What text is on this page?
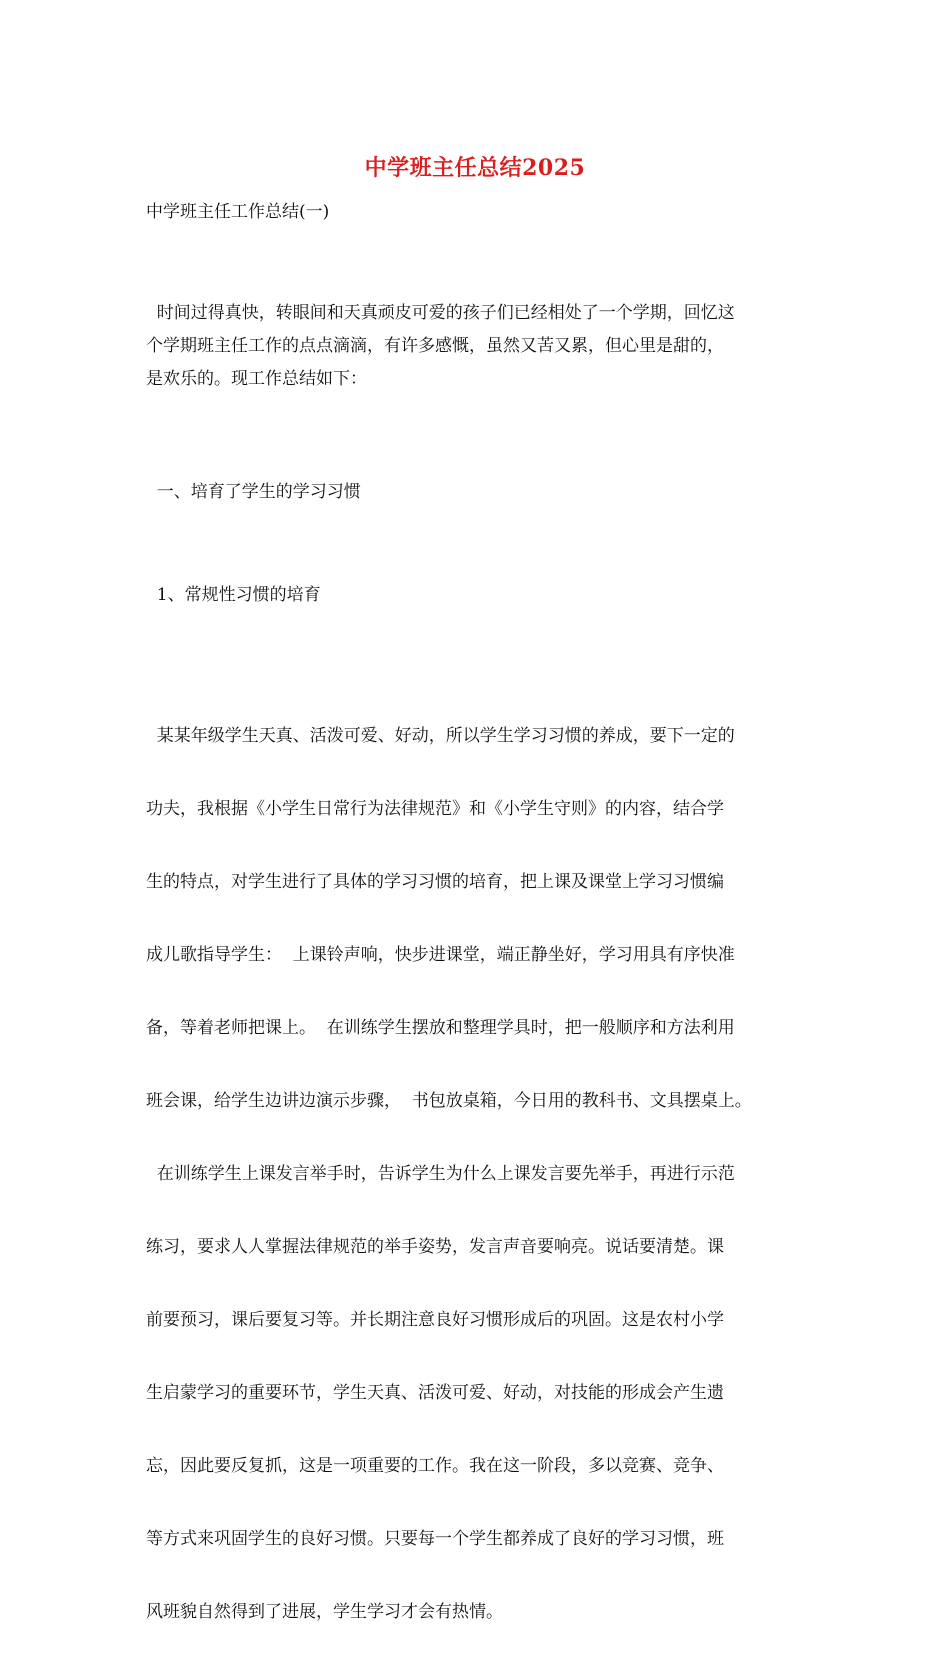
中学班主任总结2025
中学班主任工作总结(一)
时间过得真快，转眼间和天真顽皮可爱的孩子们已经相处了一个学期，回忆这
个学期班主任工作的点点滴滴，有许多感慨，虽然又苦又累，但心里是甜的，
是欢乐的。现工作总结如下：
一、培育了学生的学习习惯
1、常规性习惯的培育

某某年级学生天真、活泼可爱、好动，所以学生学习习惯的养成，要下一定的

功夫，我根据《小学生日常行为法律规范》和《小学生守则》的内容，结合学

生的特点，对学生进行了具体的学习习惯的培育，把上课及课堂上学习习惯编

成儿歌指导学生：  上课铃声响，快步进课堂，端正静坐好，学习用具有序快准

备，等着老师把课上。  在训练学生摆放和整理学具时，把一般顺序和方法利用

班会课，给学生边讲边演示步骤，  书包放桌箱，今日用的教科书、文具摆桌上。

在训练学生上课发言举手时，告诉学生为什么上课发言要先举手，再进行示范

练习，要求人人掌握法律规范的举手姿势，发言声音要响亮。说话要清楚。课

前要预习，课后要复习等。并长期注意良好习惯形成后的巩固。这是农村小学

生启蒙学习的重要环节，学生天真、活泼可爱、好动，对技能的形成会产生遗

忘，因此要反复抓，这是一项重要的工作。我在这一阶段，多以竞赛、竞争、

等方式来巩固学生的良好习惯。只要每一个学生都养成了良好的学习习惯，班

风班貌自然得到了进展，学生学习才会有热情。
